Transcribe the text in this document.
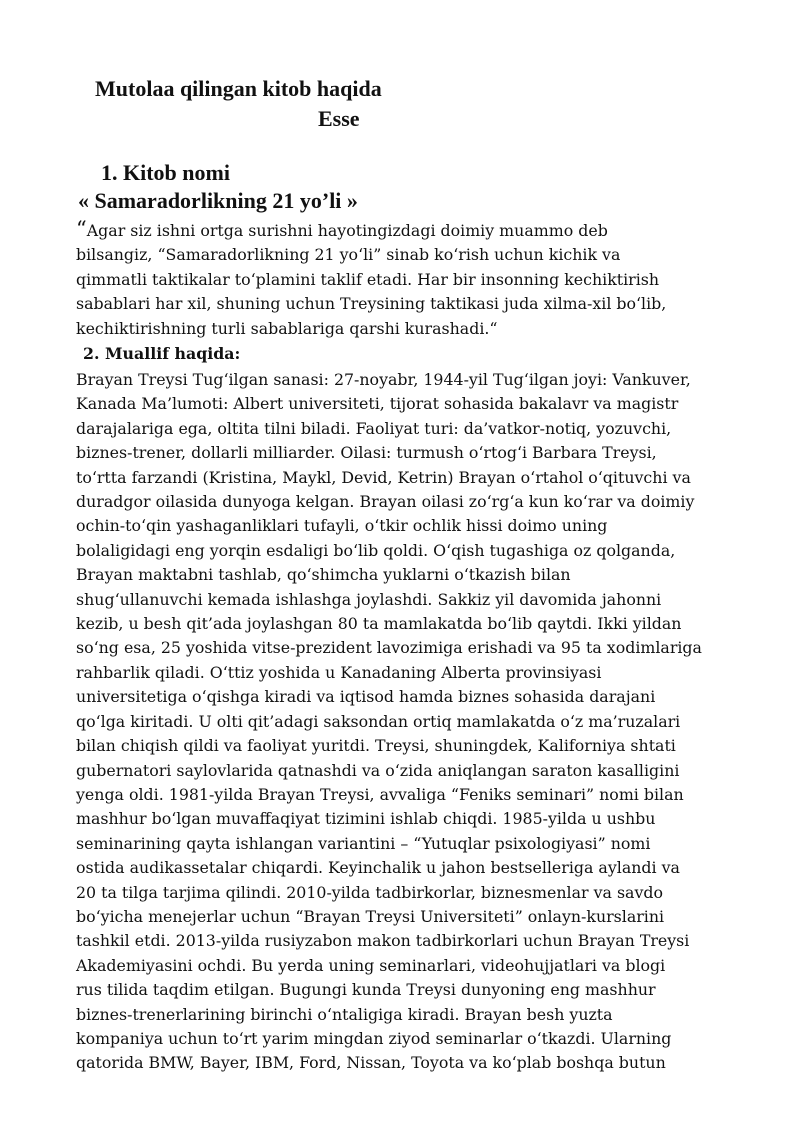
Mutolaa qilingan kitob haqida
Esse
1. Kitob nomi
« Samaradorlikning 21 yo’li »

“Agar siz ishni ortga surishni hayotingizdagi doimiy muammo deb
bilsangiz, “Samaradorlikning 21 yoʻli” sinab koʻrish uchun kichik va
qimmatli taktikalar toʻplamini taklif etadi. Har bir insonning kechiktirish
sabablari har xil, shuning uchun Treysining taktikasi juda xilma-xil boʻlib,
kechiktirishning turli sabablariga qarshi kurashadi.“

2. Muallif haqida:

Brayan Treysi Tugʻilgan sanasi: 27-noyabr, 1944-yil Tugʻilgan joyi: Vankuver,
Kanada Ma’lumoti: Albert universiteti, tijorat sohasida bakalavr va magistr
darajalariga ega, oltita tilni biladi. Faoliyat turi: da’vatkor-notiq, yozuvchi,
biznes-trener, dollarli milliarder. Oilasi: turmush oʻrtogʻi Barbara Treysi,
toʻrtta farzandi (Kristina, Maykl, Devid, Ketrin) Brayan oʻrtahol oʻqituvchi va
duradgor oilasida dunyoga kelgan. Brayan oilasi zoʻrgʻa kun koʻrar va doimiy
ochin-toʻqin yashaganliklari tufayli, oʻtkir ochlik hissi doimo uning
bolaligidagi eng yorqin esdaligi boʻlib qoldi. Oʻqish tugashiga oz qolganda,
Brayan maktabni tashlab, qoʻshimcha yuklarni oʻtkazish bilan
shugʻullanuvchi kemada ishlashga joylashdi. Sakkiz yil davomida jahonni
kezib, u besh qit’ada joylashgan 80 ta mamlakatda boʻlib qaytdi. Ikki yildan
soʻng esa, 25 yoshida vitse-prezident lavozimiga erishadi va 95 ta xodimlariga
rahbarlik qiladi. Oʻttiz yoshida u Kanadaning Alberta provinsiyasi
universitetiga oʻqishga kiradi va iqtisod hamda biznes sohasida darajani
qoʻlga kiritadi. U olti qit’adagi saksondan ortiq mamlakatda oʻz ma’ruzalari
bilan chiqish qildi va faoliyat yuritdi. Treysi, shuningdek, Kaliforniya shtati
gubernatori saylovlarida qatnashdi va oʻzida aniqlangan saraton kasalligini
yenga oldi. 1981-yilda Brayan Treysi, avvaliga “Feniks seminari” nomi bilan
mashhur boʻlgan muvaffaqiyat tizimini ishlab chiqdi. 1985-yilda u ushbu
seminarining qayta ishlangan variantini – “Yutuqlar psixologiyasi” nomi
ostida audikassetalar chiqardi. Keyinchalik u jahon bestselleriga aylandi va
20 ta tilga tarjima qilindi. 2010-yilda tadbirkorlar, biznesmenlar va savdo
boʻyicha menejerlar uchun “Brayan Treysi Universiteti” onlayn-kurslarini
tashkil etdi. 2013-yilda rusiyzabon makon tadbirkorlari uchun Brayan Treysi
Akademiyasini ochdi. Bu yerda uning seminarlari, videohujjatlari va blogi
rus tilida taqdim etilgan. Bugungi kunda Treysi dunyoning eng mashhur
biznes-trenerlarining birinchi oʻntaligiga kiradi. Brayan besh yuzta
kompaniya uchun toʻrt yarim mingdan ziyod seminarlar oʻtkazdi. Ularning
qatorida BMW, Bayer, IBM, Ford, Nissan, Toyota va koʻplab boshqa butun
